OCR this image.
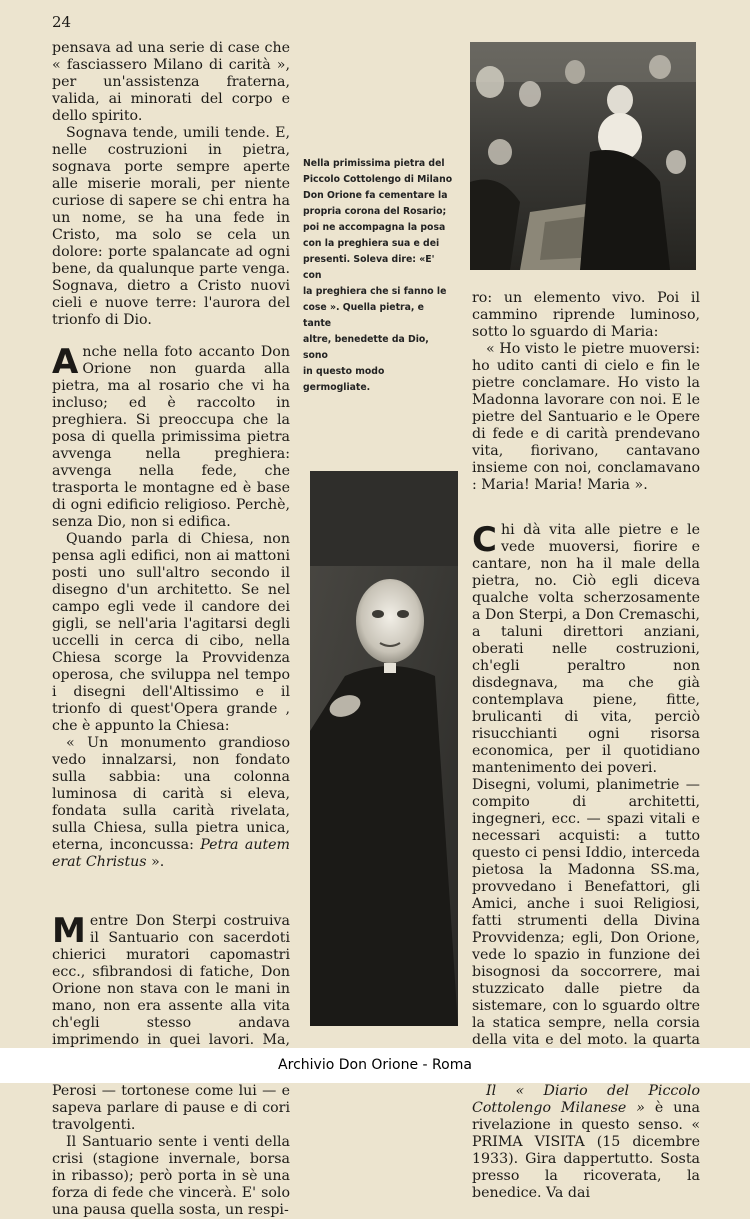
24

pensava ad una serie di case che « fasciassero Milano di carità », per un'assistenza fraterna, valida, ai minorati del corpo e dello spirito.

Sognava tende, umili tende. E, nelle costruzioni in pietra, sognava porte sempre aperte alle miserie morali, per niente curiose di sapere se chi entra ha un nome, se ha una fede in Cristo, ma solo se cela un dolore: porte spalancate ad ogni bene, da qualunque parte venga. Sognava, dietro a Cristo nuovi cieli e nuove terre: l'aurora del trionfo di Dio.

Anche nella foto accanto Don Orione non guarda alla pietra, ma al rosario che vi ha incluso; ed è raccolto in preghiera. Si preoccupa che la posa di quella primissima pietra avvenga nella preghiera: avvenga nella fede, che trasporta le montagne ed è base di ogni edificio religioso. Perchè, senza Dio, non si edifica.

Quando parla di Chiesa, non pensa agli edifici, non ai mattoni posti uno sull'altro secondo il disegno d'un architetto. Se nel campo egli vede il candore dei gigli, se nell'aria l'agitarsi degli uccelli in cerca di cibo, nella Chiesa scorge la Provvidenza operosa, che sviluppa nel tempo i disegni dell'Altissimo e il trionfo di quest'Opera grande , che è appunto la Chiesa:

« Un monumento grandioso vedo innalzarsi, non fondato sulla sabbia: una colonna luminosa di carità si eleva, fondata sulla carità rivelata, sulla Chiesa, sulla pietra unica, eterna, inconcussa: Petra autem erat Christus ».

Mentre Don Sterpi costruiva il Santuario con sacerdoti chierici muratori capomastri ecc., sfibrandosi di fatiche, Don Orione non stava con le mani in mano, non era assente alla vita ch'egli stesso andava imprimendo in quei lavori. Ma, Perosi — tortonese come lui — e sapeva parlare di pause e di cori travolgenti.

Il Santuario sente i venti della crisi (stagione invernale, borsa in ribasso); però porta in sè una forza di fede che vincerà. E' solo una pausa quella sosta, un respi-

Nella primissima pietra del
Piccolo Cottolengo di Milano
Don Orione fa cementare la
propria corona del Rosario;
poi ne accompagna la posa
con la preghiera sua e dei
presenti. Soleva dire: «E' con
la preghiera che si fanno le
cose ». Quella pietra, e tante
altre, benedette da Dio, sono
in questo modo germogliate.

ro: un elemento vivo. Poi il cammino riprende luminoso, sotto lo sguardo di Maria:

« Ho visto le pietre muoversi: ho udito canti di cielo e fin le pietre conclamare. Ho visto la Madonna lavorare con noi. E le pietre del Santuario e le Opere di fede e di carità prendevano vita, fiorivano, cantavano insieme con noi, conclamavano : Maria! Maria! Maria ».

Chi dà vita alle pietre e le vede muoversi, fiorire e cantare, non ha il male della pietra, no. Ciò egli diceva qualche volta scherzosamente a Don Sterpi, a Don Cremaschi, a taluni direttori anziani, oberati nelle costruzioni, ch'egli peraltro non disdegnava, ma che già contemplava piene, fitte, brulicanti di vita, perciò risucchianti ogni risorsa economica, per il quotidiano mantenimento dei poveri.

Disegni, volumi, planimetrie — compito di architetti, ingegneri, ecc. — spazi vitali e necessari acquisti: a tutto questo ci pensi Iddio, interceda pietosa la Madonna SS.ma, provvedano i Benefattori, gli Amici, anche i suoi Religiosi, fatti strumenti della Divina Provvidenza; egli, Don Orione, vede lo spazio in funzione dei bisognosi da soccorrere, mai stuzzicato dalle pietre da sistemare, con lo sguardo oltre la statica sempre, nella corsia della vita e del moto. la quarta

Il « Diario del Piccolo Cottolengo Milanese » è una rivelazione in questo senso. « PRIMA VISITA (15 dicembre 1933). Gira dappertutto. Sosta presso la ricoverata, la benedice. Va dai

Archivio Don Orione - Roma
